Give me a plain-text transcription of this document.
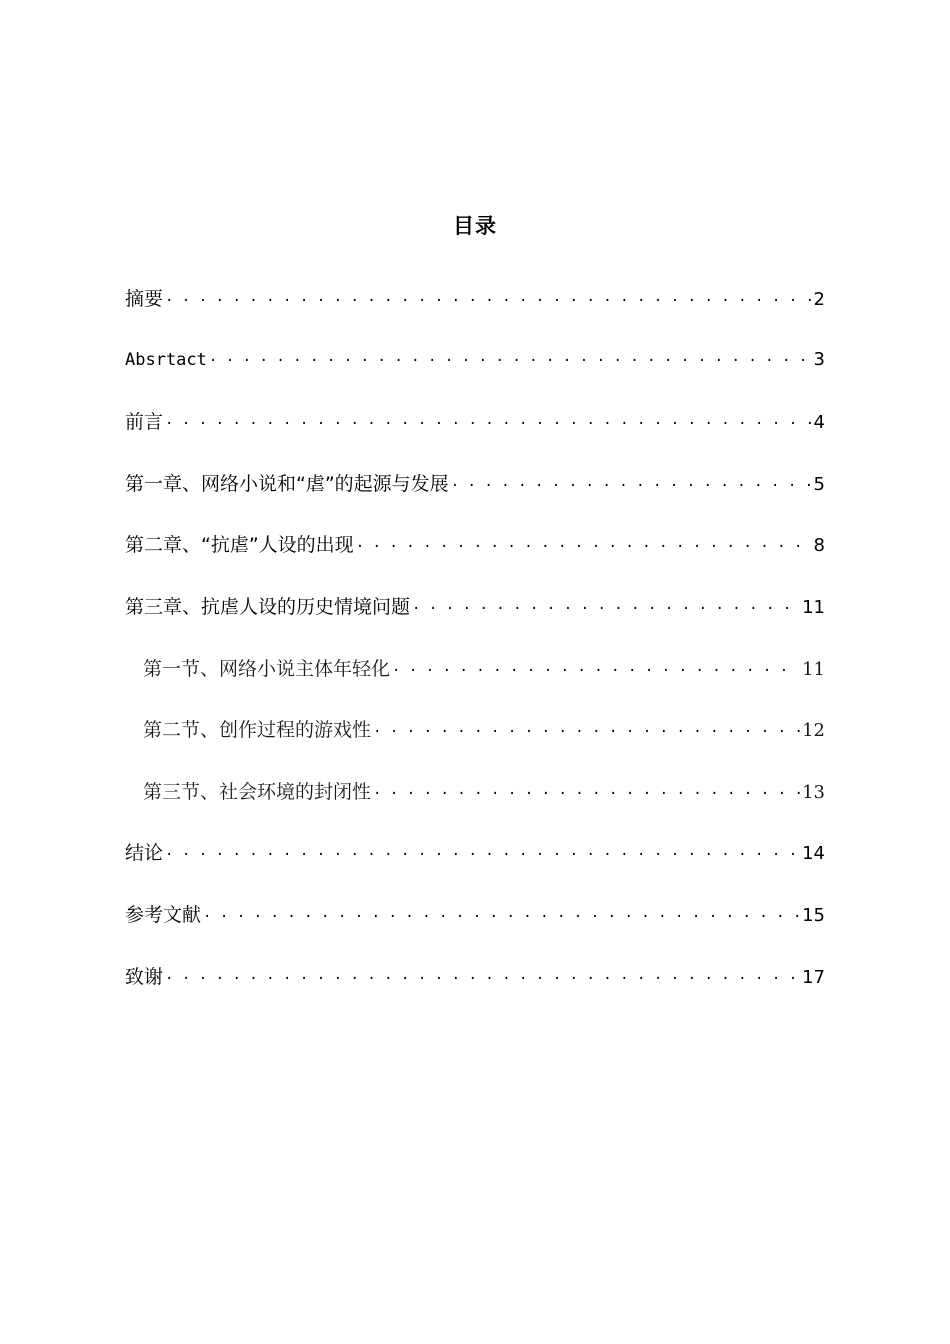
目录
摘要 . . .	2
Absrtact . . .	3
前言 . . .	4
第一章、网络小说和“虐”的起源与发展 . . .	5
第二章、“抗虐”人设的出现 . . .	8
第三章、抗虐人设的历史情境问题 . . .	11
第一节、网络小说主体年轻化 . . .	11
第二节、创作过程的游戏性 . . .	12
第三节、社会环境的封闭性 . . .	13
结论 . . .	14
参考文献 . . .	15
致谢 . . .	17
